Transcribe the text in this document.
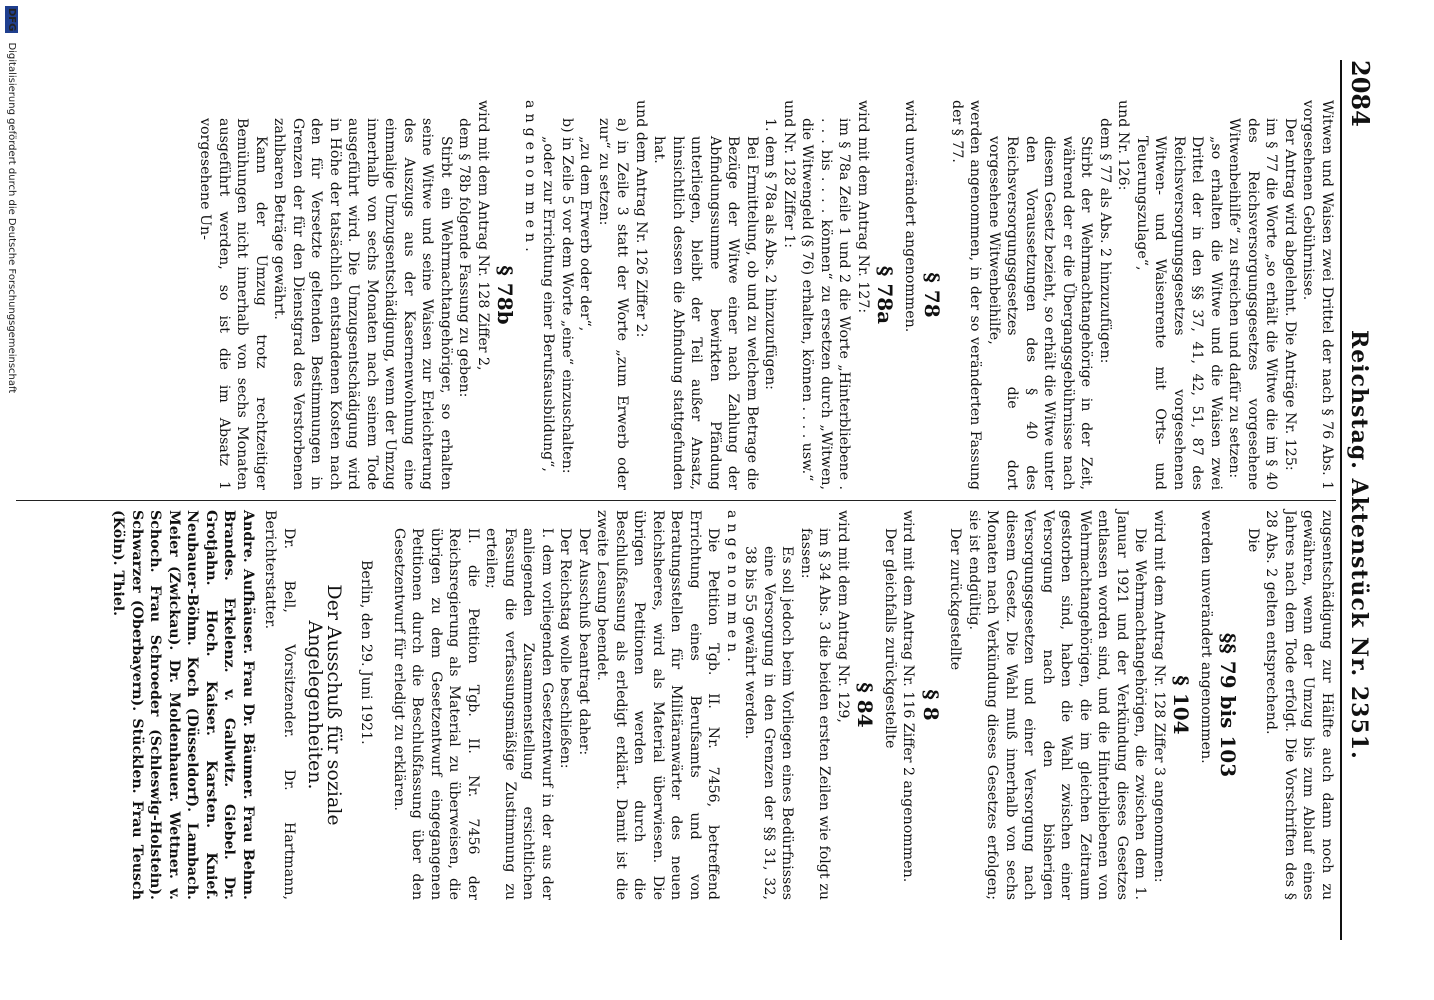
2084
Reichstag. Aktenstück Nr. 2351.

Witwen und Waisen zwei Drittel der nach § 76 Abs. 1 vorgesehenen Gebührnisse.

Der Antrag wird abgelehnt. Die Anträge Nr. 125:

im § 77 die Worte „so erhält die Witwe die im § 40 des Reichsversorgungsgesetzes vorgesehene Witwenbeihilfe“ zu streichen und dafür zu setzen:

„so erhalten die Witwe und die Waisen zwei Drittel der in den §§ 37, 41, 42, 51, 87 des Reichsversorgungsgesetzes vorgesehenen Witwen- und Waisenrente mit Orts- und Teuerungszulage“,

und Nr. 126:

dem § 77 als Abs. 2 hinzuzufügen:

Stirbt der Wehrmachtangehörige in der Zeit, während der er die Übergangsgebührnisse nach diesem Gesetz bezieht, so erhält die Witwe unter den Voraussetzungen des § 40 des Reichsversorgungsgesetzes die dort vorgesehene Witwenbeihilfe,

werden angenommen, in der so veränderten Fassung der § 77.

§ 78

wird unverändert angenommen.

§ 78a

wird mit dem Antrag Nr. 127:

im § 78a Zeile 1 und 2 die Worte „Hinterbliebene . . . . bis . . . . können“ zu ersetzen durch „Witwen, die Witwengeld (§ 76) erhalten, können . . . . usw.“

und Nr. 128 Ziffer 1:

1. dem § 78a als Abs. 2 hinzuzufügen:

Bei Ermittelung, ob und zu welchem Betrage die Bezüge der Witwe einer nach Zahlung der Abfindungssumme bewirkten Pfändung unterliegen, bleibt der Teil außer Ansatz, hinsichtlich dessen die Abfindung stattgefunden hat.

und dem Antrag Nr. 126 Ziffer 2:

a) in Zeile 3 statt der Worte „zum Erwerb oder zur“ zu setzen:

„zu dem Erwerb oder der“,

b) in Zeile 5 vor dem Worte „eine“ einzuschalten:

„oder zur Errichtung einer Berufsausbildung“,

angenommen.

§ 78b

wird mit dem Antrag Nr. 128 Ziffer 2,

dem § 78b folgende Fassung zu geben:

Stirbt ein Wehrmachtangehöriger, so erhalten seine Witwe und seine Waisen zur Erleichterung des Auszugs aus der Kasernenwohnung eine einmalige Umzugsentschädigung, wenn der Umzug innerhalb von sechs Monaten nach seinem Tode ausgeführt wird. Die Umzugsentschädigung wird in Höhe der tatsächlich entstandenen Kosten nach den für Versetzte geltenden Bestimmungen in Grenzen der für den Dienstgrad des Verstorbenen zahlbaren Beträge gewährt.

Kann der Umzug trotz rechtzeitiger Bemühungen nicht innerhalb von sechs Monaten ausgeführt werden, so ist die im Absatz 1 vorgesehene Un-

zugsentschädigung zur Hälfte auch dann noch zu gewähren, wenn der Umzug bis zum Ablauf eines Jahres nach dem Tode erfolgt. Die Vorschriften des § 28 Abs. 2 gelten entsprechend.

Die

§§ 79 bis 103

werden unverändert angenommen.

§ 104

wird mit dem Antrag Nr. 128 Ziffer 3 angenommen:

Die Wehrmachtangehörigen, die zwischen dem 1. Januar 1921 und der Verkündung dieses Gesetzes entlassen worden sind, und die Hinterbliebenen von Wehrmachtangehörigen, die im gleichen Zeitraum gestorben sind, haben die Wahl zwischen einer Versorgung nach den bisherigen Versorgungsgesetzen und einer Versorgung nach diesem Gesetz. Die Wahl muß innerhalb von sechs Monaten nach Verkündung dieses Gesetzes erfolgen; sie ist endgültig.

Der zurückgestellte

§ 8

wird mit dem Antrag Nr. 116 Ziffer 2 angenommen.

Der gleichfalls zurückgestellte

§ 84

wird mit dem Antrag Nr. 129,

im § 34 Abs. 3 die beiden ersten Zeilen wie folgt zu fassen:

Es soll jedoch beim Vorliegen eines Bedürfnisses eine Versorgung in den Grenzen der §§ 31, 32, 38 bis 55 gewährt werden.

angenommen.

Die Petition Tgb. II. Nr. 7456, betreffend Errichtung eines Berufsamts und von Beratungsstellen für Militäranwärter des neuen Reichsheeres, wird als Material überwiesen. Die übrigen Petitionen werden durch die Beschlußfassung als erledigt erklärt. Damit ist die zweite Lesung beendet.

Der Ausschuß beantragt daher:

Der Reichstag wolle beschließen:

I. dem vorliegenden Gesetzentwurf in der aus der anliegenden Zusammenstellung ersichtlichen Fassung die verfassungsmäßige Zustimmung zu erteilen;

II. die Petition Tgb. II. Nr. 7456 der Reichsregierung als Material zu überweisen, die übrigen zu dem Gesetzentwurf eingegangenen Petitionen durch die Beschlußfassung über den Gesetzentwurf für erledigt zu erklären.

Berlin, den 29. Juni 1921.

Der Ausschuß für soziale Angelegenheiten.

Dr. Bell, Vorsitzender. Dr. Hartmann, Berichterstatter.

Andre. Aufhäuser. Frau Dr. Bäumer. Frau Behm. Brandes. Erkelenz. v. Gallwitz. Giebel. Dr. Grotjahn. Hoch. Kaiser. Karsten. Knief. Neubauer-Böhm. Koch (Düsseldorf). Lambach. Meier (Zwickau). Dr. Moldenhauer. Wettner. v. Schoch. Frau Schroeder (Schleswig-Holstein). Schwarzer (Oberbayern). Stücklen. Frau Teusch (Köln). Thiel.

DFG Digitalisierung gefördert durch die Deutsche Forschungsgemeinschaft
